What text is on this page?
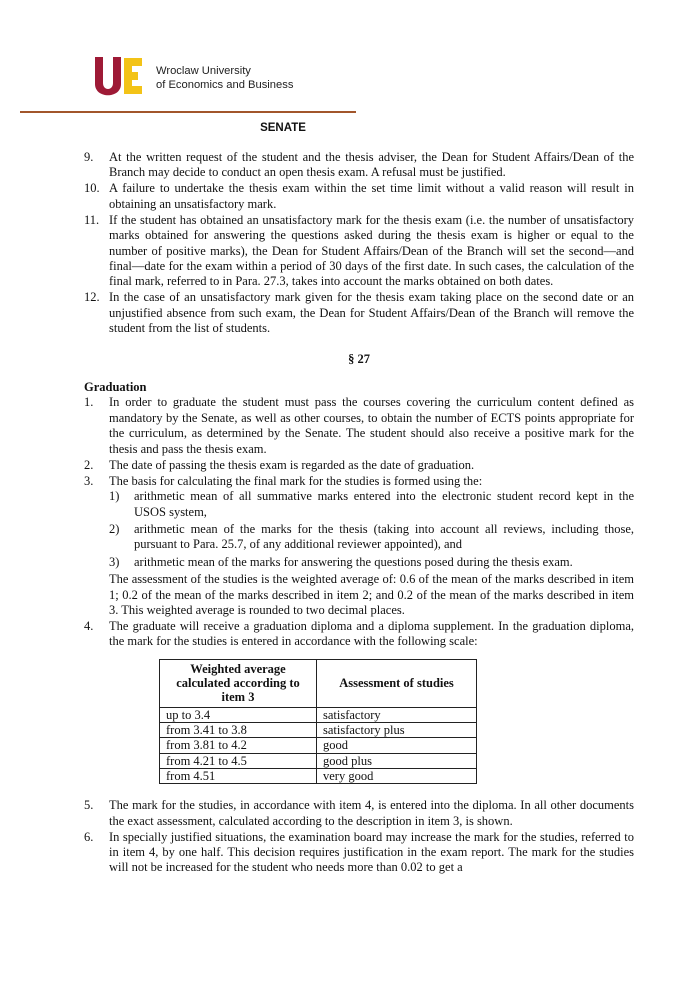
Wroclaw University
of Economics and Business
SENATE
9.	At the written request of the student and the thesis adviser, the Dean for Student Affairs/Dean of the Branch may decide to conduct an open thesis exam. A refusal must be justified.
10. A failure to undertake the thesis exam within the set time limit without a valid reason will result in obtaining an unsatisfactory mark.
11. If the student has obtained an unsatisfactory mark for the thesis exam (i.e. the number of unsatisfactory marks obtained for answering the questions asked during the thesis exam is higher or equal to the number of positive marks), the Dean for Student Affairs/Dean of the Branch will set the second—and final—date for the exam within a period of 30 days of the first date. In such cases, the calculation of the final mark, referred to in Para. 27.3, takes into account the marks obtained on both dates.
12. In the case of an unsatisfactory mark given for the thesis exam taking place on the second date or an unjustified absence from such exam, the Dean for Student Affairs/Dean of the Branch will remove the student from the list of students.
§ 27
Graduation
1.	In order to graduate the student must pass the courses covering the curriculum content defined as mandatory by the Senate, as well as other courses, to obtain the number of ECTS points appropriate for the curriculum, as determined by the Senate. The student should also receive a positive mark for the thesis and pass the thesis exam.
2.	The date of passing the thesis exam is regarded as the date of graduation.
3.	The basis for calculating the final mark for the studies is formed using the:
1)	arithmetic mean of all summative marks entered into the electronic student record kept in the USOS system,
2)	arithmetic mean of the marks for the thesis (taking into account all reviews, including those, pursuant to Para. 25.7, of any additional reviewer appointed), and
3)	arithmetic mean of the marks for answering the questions posed during the thesis exam.
The assessment of the studies is the weighted average of: 0.6 of the mean of the marks described in item 1; 0.2 of the mean of the marks described in item 2; and 0.2 of the mean of the marks described in item 3. This weighted average is rounded to two decimal places.
4.	The graduate will receive a graduation diploma and a diploma supplement. In the graduation diploma, the mark for the studies is entered in accordance with the following scale:
Weighted average calculated according to item 3	Assessment of studies
up to 3.4	satisfactory
from 3.41 to 3.8	satisfactory plus
from 3.81 to 4.2	good
from 4.21 to 4.5	good plus
from 4.51	very good
5.	The mark for the studies, in accordance with item 4, is entered into the diploma. In all other documents the exact assessment, calculated according to the description in item 3, is shown.
6.	In specially justified situations, the examination board may increase the mark for the studies, referred to in item 4, by one half. This decision requires justification in the exam report. The mark for the studies will not be increased for the student who needs more than 0.02 to get a
